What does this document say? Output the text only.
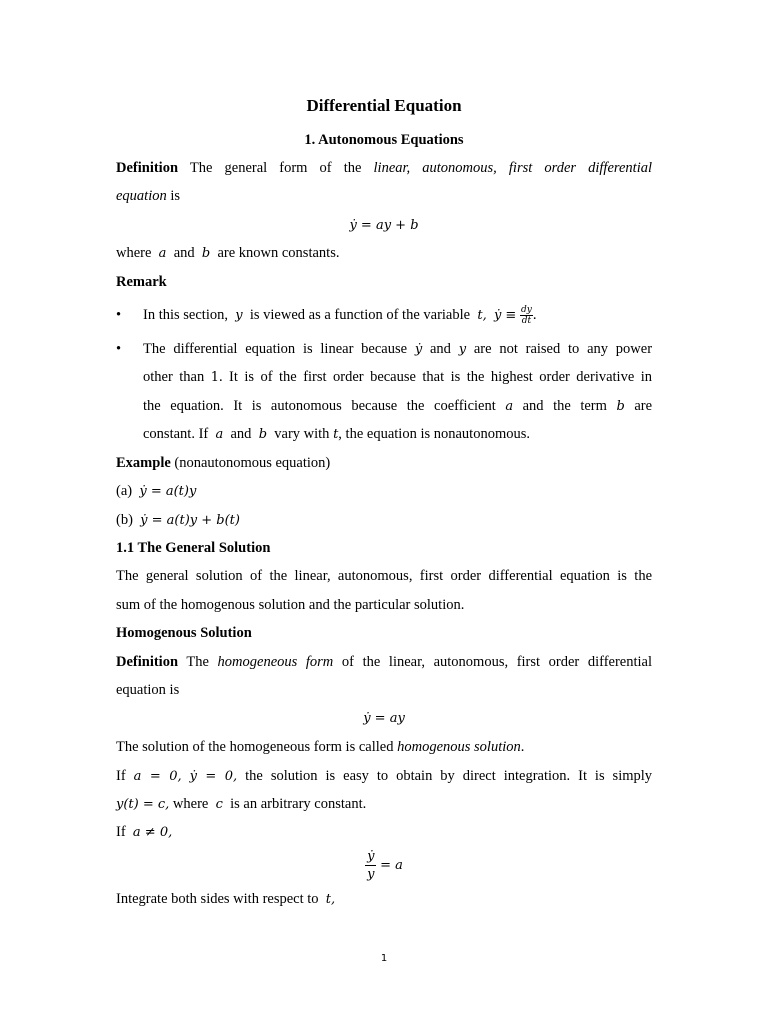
Differential Equation
1. Autonomous Equations
Definition The general form of the linear, autonomous, first order differential
equation is
ẏ = ay + b
where a and b are known constants.
Remark
• In this section, y is viewed as a function of the variable t, ẏ ≡ $\frac{dy}{dt}$ .
• The differential equation is linear because ẏ and y are not raised to any power
other than 1. It is of the first order because that is the highest order derivative in
the equation. It is autonomous because the coefficient a and the term b are
constant. If a and b vary with t, the equation is nonautonomous.
Example (nonautonomous equation)
(a) ẏ = a(t)y
(b) ẏ = a(t)y + b(t)
1.1 The General Solution
The general solution of the linear, autonomous, first order differential equation is the
sum of the homogenous solution and the particular solution.
Homogenous Solution
Definition The homogeneous form of the linear, autonomous, first order differential
equation is
ẏ = ay
The solution of the homogeneous form is called homogenous solution.
If a = 0, ẏ = 0, the solution is easy to obtain by direct integration. It is simply
y(t) = c, where c is an arbitrary constant.
If a ≠ 0,
$\frac{\text{ẏ}}{y} = a$
Integrate both sides with respect to t,
1
